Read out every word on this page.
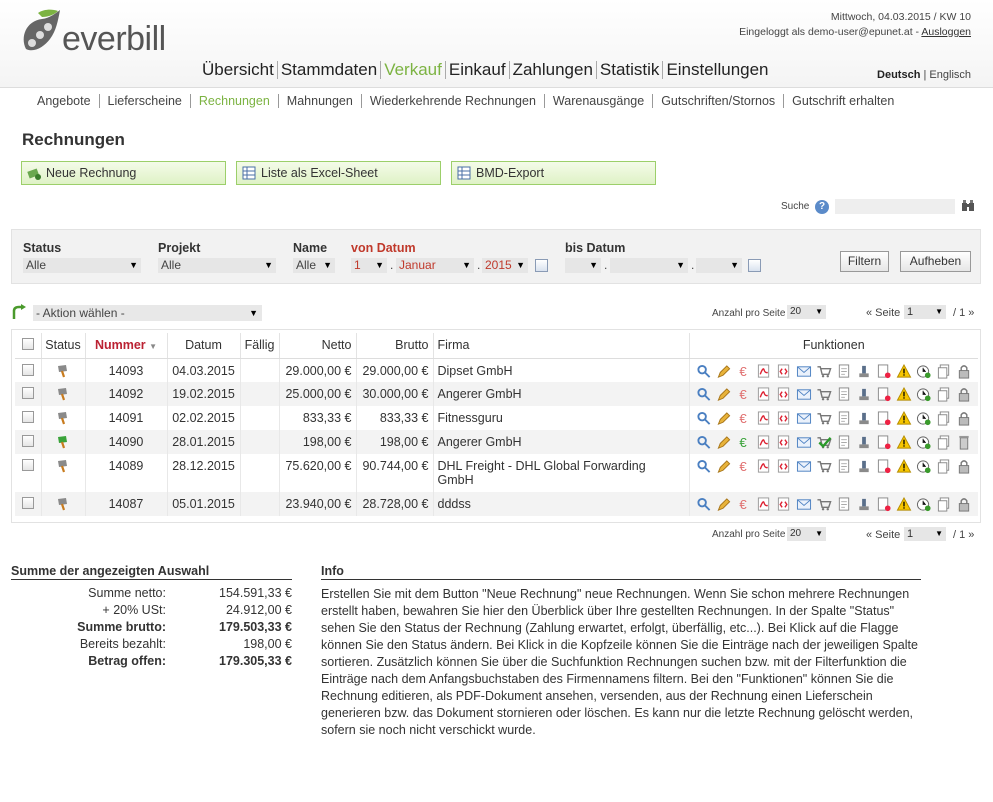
everbill
Mittwoch, 04.03.2015 / KW 10
Eingeloggt als demo-user@epunet.at - Ausloggen
Übersicht Stammdaten Verkauf Einkauf Zahlungen Statistik Einstellungen	Deutsch | Englisch
Angebote	Lieferscheine	Rechnungen	Mahnungen	Wiederkehrende Rechnungen	Warenausgänge	Gutschriften/Stornos	Gutschrift erhalten
Rechnungen
Neue Rechnung	Liste als Excel-Sheet	BMD-Export
Suche ?
Status
Alle	▼
Projekt
Alle	▼
Name
Alle ▼
von Datum
1 ▼ . Januar	▼ . 2015 ▼
bis Datum
▼ .	▼ .	▼	Filtern	Aufheben
- Aktion wählen -	▼	Anzahl pro Seite 20 ▼	« Seite 1	▼ / 1 »
	Status	Nummer ▼	Datum	Fällig	Netto	Brutto	Firma	Funktionen
		14093	04.03.2015		29.000,00 €	29.000,00 €	Dipset GmbH	€

		14092	19.02.2015		25.000,00 €	30.000,00 €	Angerer GmbH	€

		14091	02.02.2015		833,33 €	833,33 €	Fitnessguru	€

		14090	28.01.2015		198,00 €	198,00 €	Angerer GmbH	€

		14089	28.12.2015		75.620,00 €	90.744,00 €	DHL Freight - DHL Global Forwarding GmbH	€

		14087	05.01.2015		23.940,00 €	28.728,00 €	dddss	€
Anzahl pro Seite 20 ▼	« Seite 1	▼ / 1 »
Summe der angezeigten Auswahl
Summe netto:	154.591,33 €
+ 20% USt:	24.912,00 €
Summe brutto:	179.503,33 €
Bereits bezahlt:	198,00 €
Betrag offen:	179.305,33 €
Info
Erstellen Sie mit dem Button "Neue Rechnung" neue Rechnungen. Wenn Sie schon mehrere Rechnungen erstellt haben, bewahren Sie hier den Überblick über Ihre gestellten Rechnungen. In der Spalte "Status" sehen Sie den Status der Rechnung (Zahlung erwartet, erfolgt, überfällig, etc...). Bei Klick auf die Flagge können Sie den Status ändern. Bei Klick in die Kopfzeile können Sie die Einträge nach der jeweiligen Spalte sortieren. Zusätzlich können Sie über die Suchfunktion Rechnungen suchen bzw. mit der Filterfunktion die Einträge nach dem Anfangsbuchstaben des Firmennamens filtern. Bei den "Funktionen" können Sie die Rechnung editieren, als PDF-Dokument ansehen, versenden, aus der Rechnung einen Lieferschein generieren bzw. das Dokument stornieren oder löschen. Es kann nur die letzte Rechnung gelöscht werden, sofern sie noch nicht verschickt wurde.
